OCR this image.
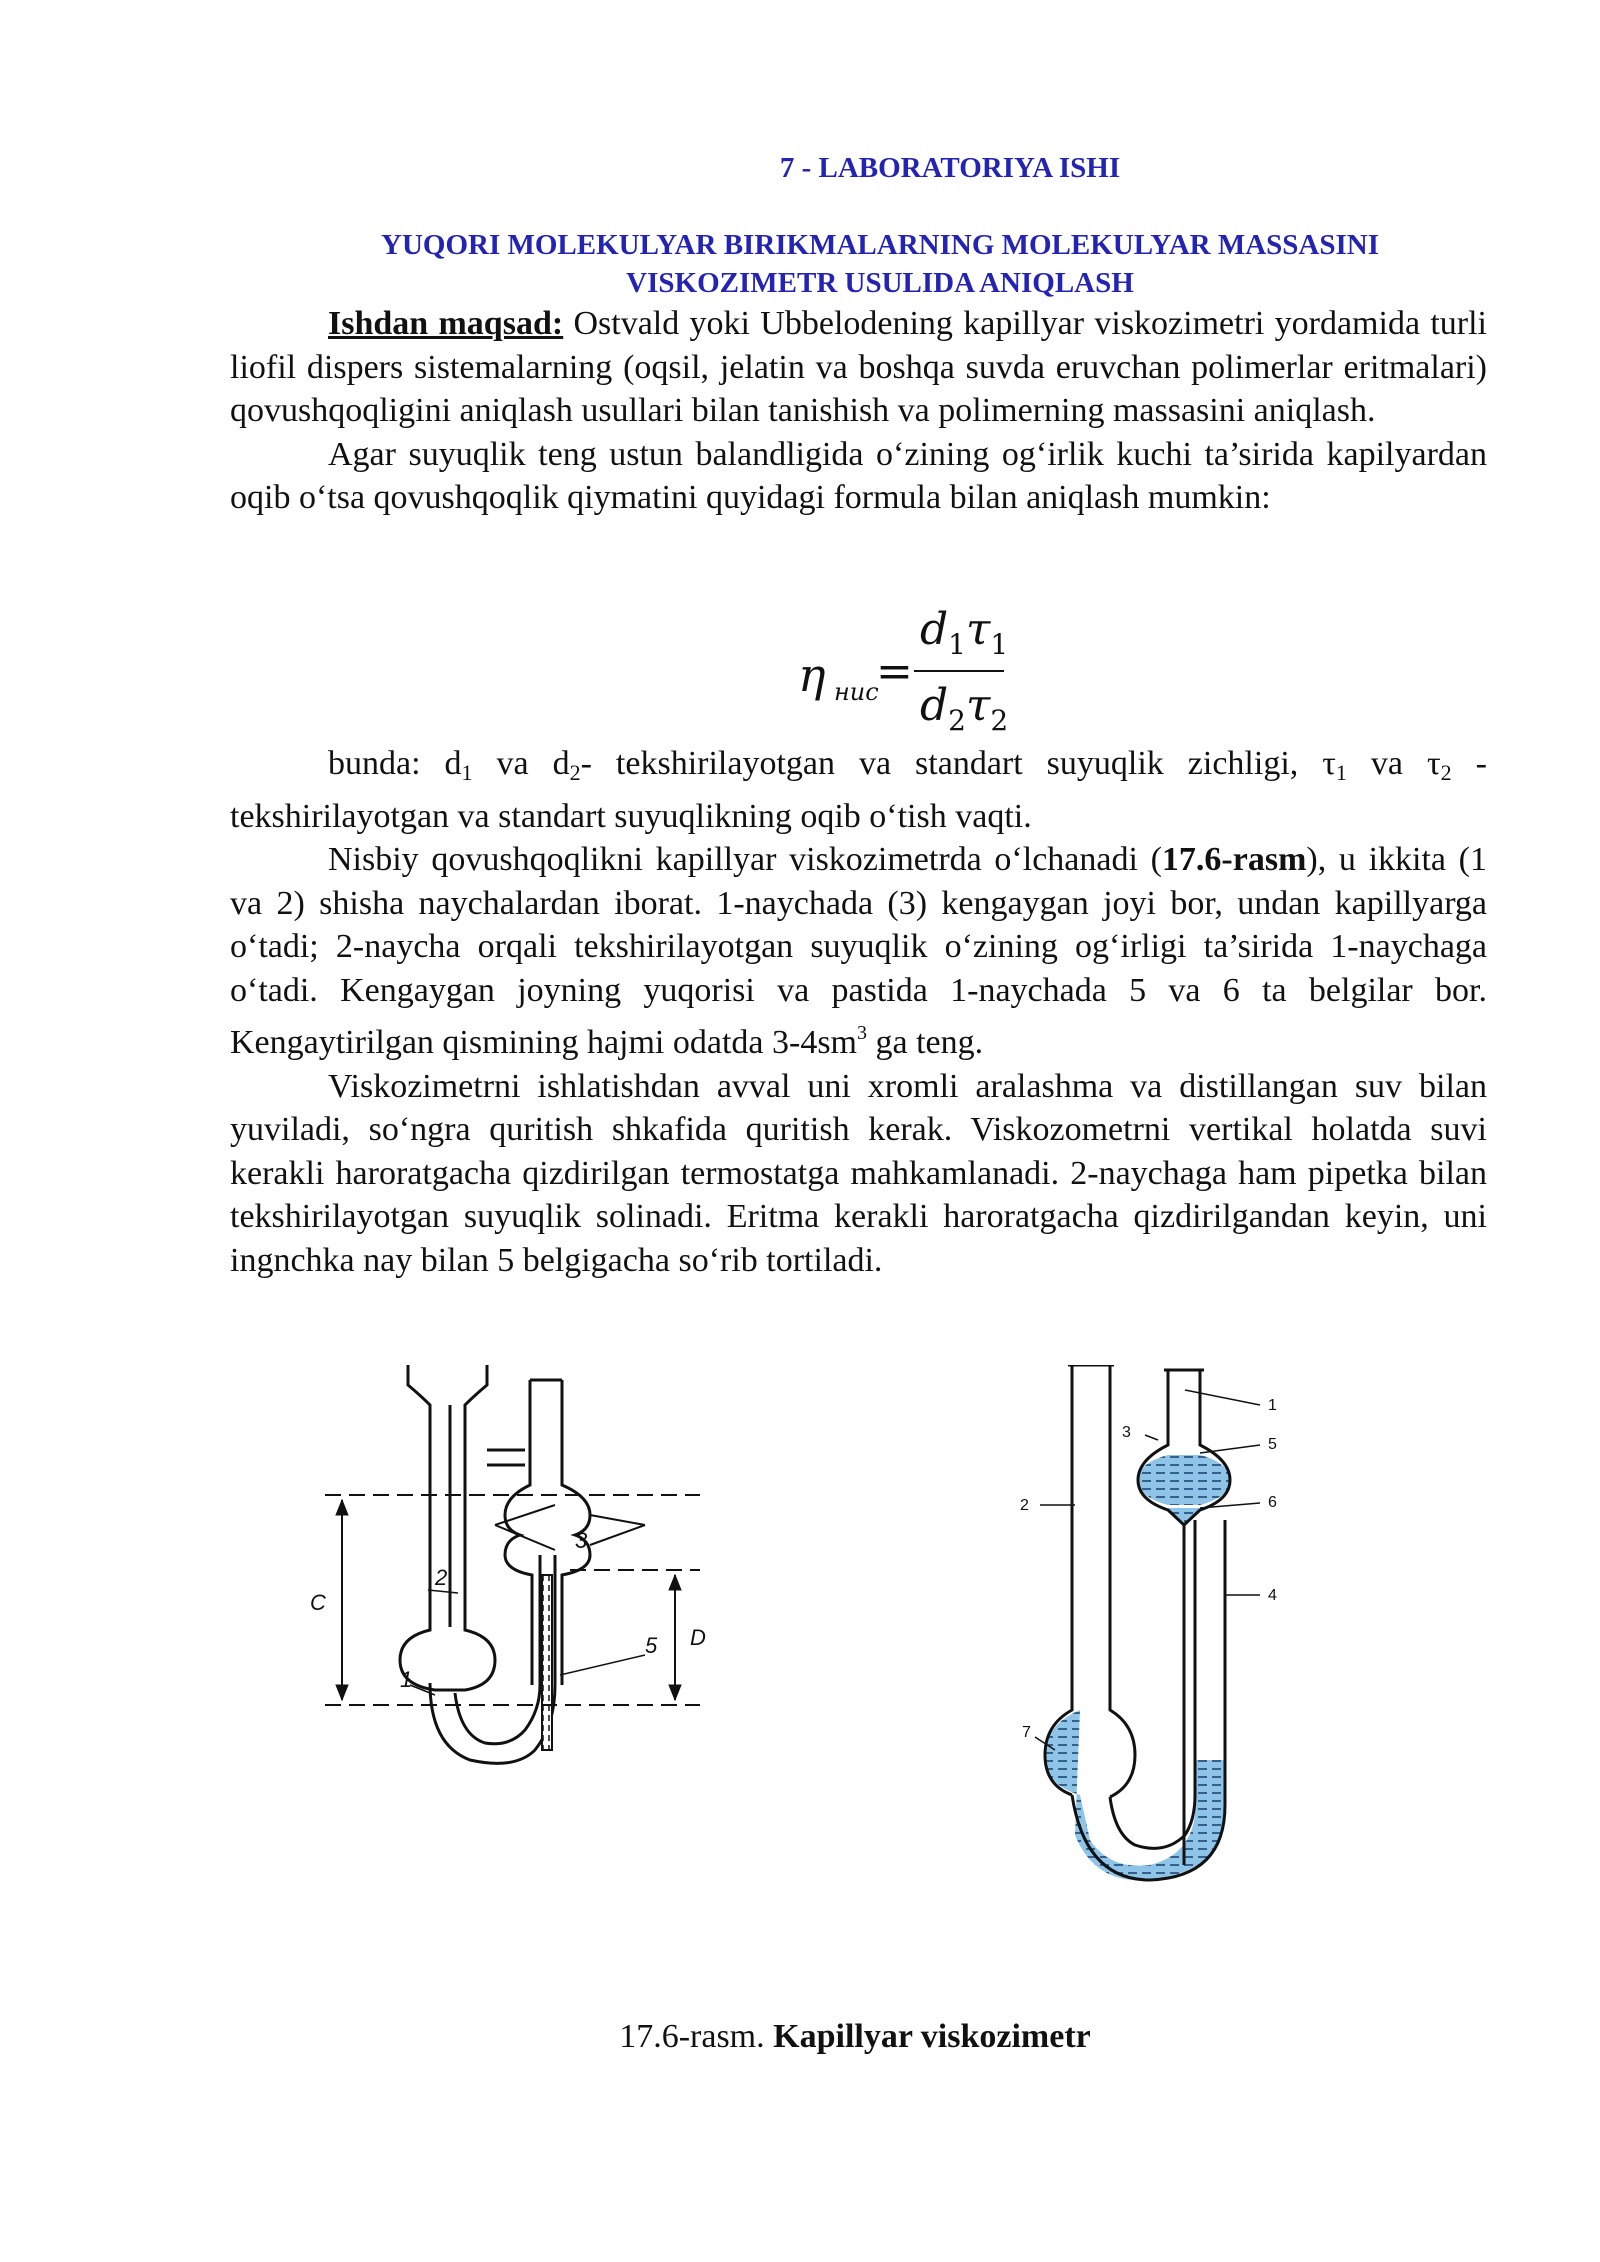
7 - LABORATORIYA ISHI
YUQORI MOLEKULYAR BIRIKMALARNING MOLEKULYAR MASSASINI
VISKOZIMETR USULIDA ANIQLASH

Ishdan maqsad: Ostvald yoki Ubbelodening kapillyar viskozimetri yordamida turli liofil dispers sistemalarning (oqsil, jelatin va boshqa suvda eruvchan polimerlar eritmalari) qovushqoqligini aniqlash usullari bilan tanishish va polimerning massasini aniqlash.

Agar suyuqlik teng ustun balandligida o‘zining og‘irlik kuchi ta’sirida kapilyardan oqib o‘tsa qovushqoqlik qiymatini quyidagi formula bilan aniqlash mumkin:

η нис
=
$d_1\tau_1$
$d_2\tau_2$

bunda: $d_1$ va $d_2-$ tekshirilayotgan va standart suyuqlik zichligi, $\tau_1$ va $\tau_2$ - tekshirilayotgan va standart suyuqlikning oqib o‘tish vaqti.

Nisbiy qovushqoqlikni kapillyar viskozimetrda o‘lchanadi (17.6-rasm), u ikkita (1 va 2) shisha naychalardan iborat. 1-naychada (3) kengaygan joyi bor, undan kapillyarga o‘tadi; 2-naycha orqali tekshirilayotgan suyuqlik o‘zining og‘irligi ta’sirida 1-naychaga o‘tadi. Kengaygan joyning yuqorisi va pastida 1-naychada 5 va 6 ta belgilar bor. Kengaytirilgan qismining hajmi odatda $3-4sm^3$ ga teng.

Viskozimetrni ishlatishdan avval uni xromli aralashma va distillangan suv bilan yuviladi, so‘ngra quritish shkafida quritish kerak. Viskozometrni vertikal holatda suvi kerakli haroratgacha qizdirilgan termostatga mahkamlanadi. 2-naychaga ham pipetka bilan tekshirilayotgan suyuqlik solinadi. Eritma kerakli haroratgacha qizdirilgandan keyin, uni ingnchka nay bilan 5 belgigacha so‘rib tortiladi.

2
3
1
5
C
D
1
3
5
6
2
4
7
17.6-rasm. Kapillyar viskozimetr
